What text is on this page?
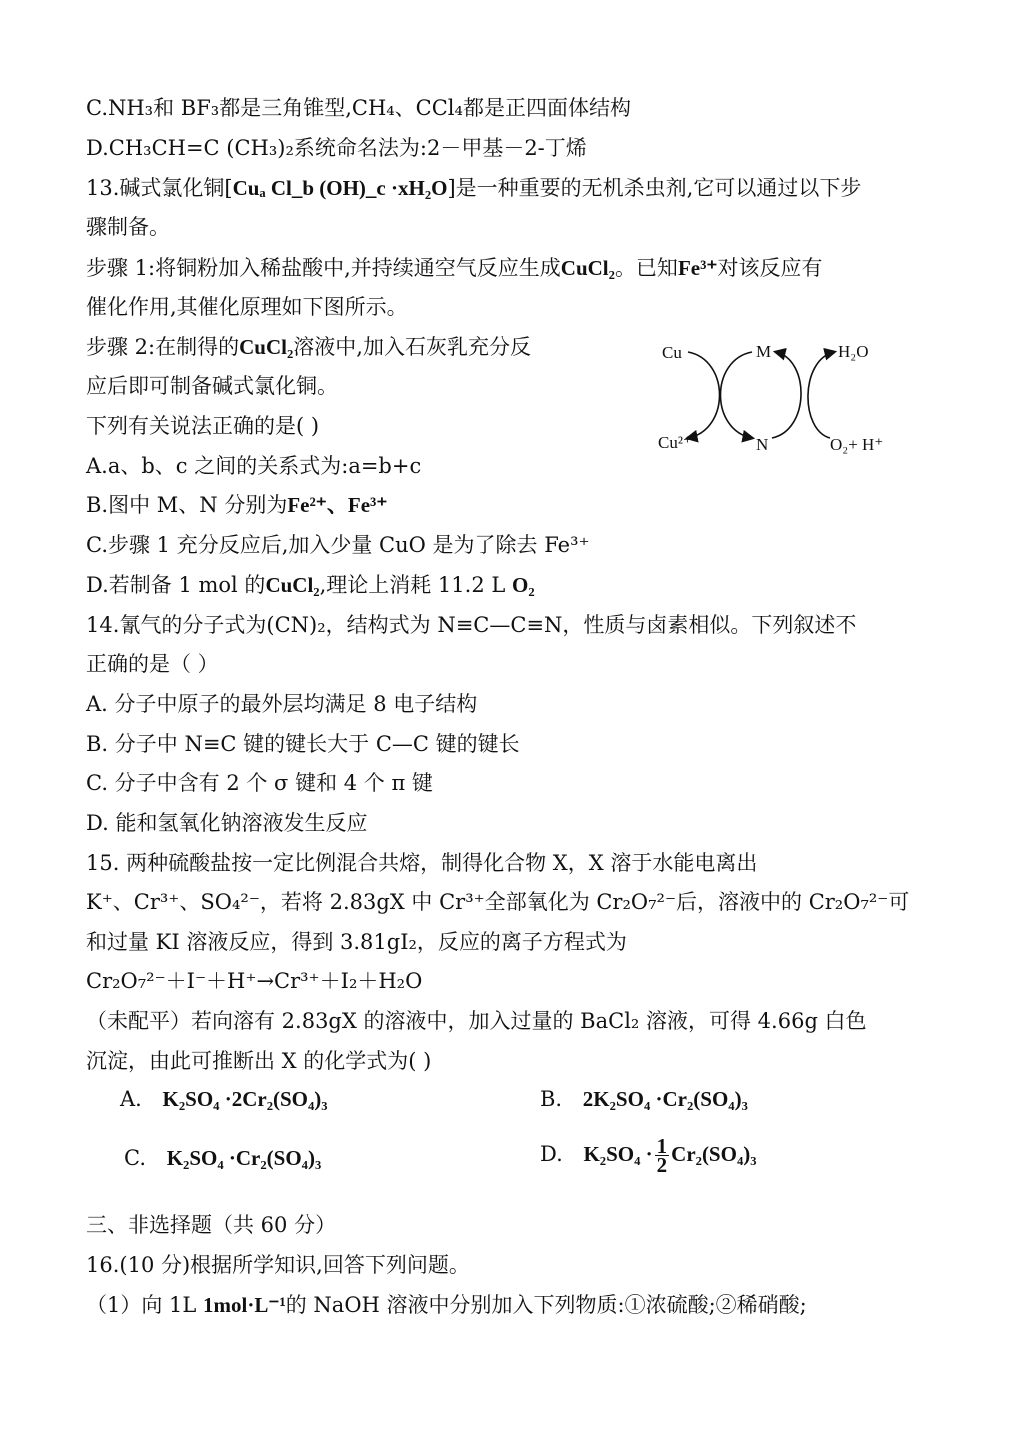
C.NH₃和 BF₃都是三角锥型,CH₄、CCl₄都是正四面体结构
D.CH₃CH=C (CH₃)₂系统命名法为:2－甲基－2-丁烯
13.碱式氯化铜[Cuₐ Cl_b (OH)_c ·xH₂O]是一种重要的无机杀虫剂,它可以通过以下步
骤制备。
步骤 1:将铜粉加入稀盐酸中,并持续通空气反应生成CuCl₂。已知Fe³⁺对该反应有
催化作用,其催化原理如下图所示。
步骤 2:在制得的CuCl₂溶液中,加入石灰乳充分反
应后即可制备碱式氯化铜。
下列有关说法正确的是( )
A.a、b、c 之间的关系式为:a=b+c
B.图中 M、N 分别为Fe²⁺、Fe³⁺
C.步骤 1 充分反应后,加入少量 CuO 是为了除去 Fe³⁺
D.若制备 1 mol 的CuCl₂,理论上消耗 11.2 L O₂
Cu
Cu²⁺
M
N
H₂O
O₂+ H⁺
14.氰气的分子式为(CN)₂，结构式为 N≡C—C≡N，性质与卤素相似。下列叙述不
正确的是（ ）
A. 分子中原子的最外层均满足 8 电子结构
B. 分子中 N≡C 键的键长大于 C—C 键的键长
C. 分子中含有 2 个 σ 键和 4 个 π 键
D. 能和氢氧化钠溶液发生反应
15. 两种硫酸盐按一定比例混合共熔，制得化合物 X，X 溶于水能电离出
K⁺、Cr³⁺、SO₄²⁻，若将 2.83gX 中 Cr³⁺全部氧化为 Cr₂O₇²⁻后，溶液中的 Cr₂O₇²⁻可
和过量 KI 溶液反应，得到 3.81gI₂，反应的离子方程式为
Cr₂O₇²⁻＋I⁻＋H⁺→Cr³⁺＋I₂＋H₂O
（未配平）若向溶有 2.83gX 的溶液中，加入过量的 BaCl₂ 溶液，可得 4.66g 白色
沉淀，由此可推断出 X 的化学式为( )
A. K₂SO₄ ·2Cr₂(SO₄)₃	B. 2K₂SO₄ ·Cr₂(SO₄)₃
C. K₂SO₄ ·Cr₂(SO₄)₃	D. $K_2SO_4 \cdot \frac{1}{2} Cr_2(SO_4)_3$
三、非选择题（共 60 分）
16.(10 分)根据所学知识,回答下列问题。
（1）向 1L 1mol·L⁻¹的 NaOH 溶液中分别加入下列物质:①浓硫酸;②稀硝酸;
